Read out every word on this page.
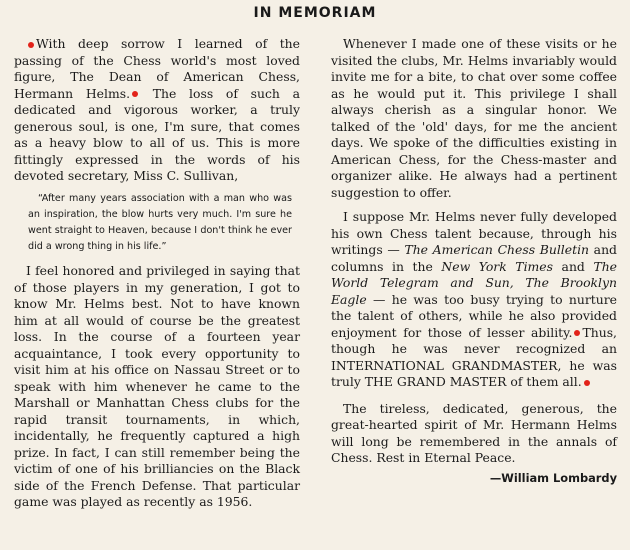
IN MEMORIAM

With deep sorrow I learned of the passing of the Chess world's most loved figure, The Dean of American Chess, Hermann Helms. The loss of such a dedicated and vigorous worker, a truly generous soul, is one, I'm sure, that comes as a heavy blow to all of us. This is more fittingly expressed in the words of his devoted secretary, Miss C. Sullivan,

“After many years association with a man who was an inspiration, the blow hurts very much. I'm sure he went straight to Heaven, because I don't think he ever did a wrong thing in his life.”

I feel honored and privileged in saying that of those players in my generation, I got to know Mr. Helms best. Not to have known him at all would of course be the greatest loss. In the course of a fourteen year acquaintance, I took every opportunity to visit him at his office on Nassau Street or to speak with him whenever he came to the Marshall or Manhattan Chess clubs for the rapid transit tournaments, in which, incidentally, he frequently captured a high prize. In fact, I can still remember being the victim of one of his brilliancies on the Black side of the French Defense. That particular game was played as recently as 1956.

Whenever I made one of these visits or he visited the clubs, Mr. Helms invariably would invite me for a bite, to chat over some coffee as he would put it. This privilege I shall always cherish as a singular honor. We talked of the 'old' days, for me the ancient days. We spoke of the difficulties existing in American Chess, for the Chess-master and organizer alike. He always had a pertinent suggestion to offer.

I suppose Mr. Helms never fully developed his own Chess talent because, through his writings — The American Chess Bulletin and columns in the New York Times and The World Telegram and Sun, The Brooklyn Eagle — he was too busy trying to nurture the talent of others, while he also provided enjoyment for those of lesser ability. Thus, though he was never recognized an INTERNATIONAL GRANDMASTER, he was truly THE GRAND MASTER of them all.

The tireless, dedicated, generous, the great-hearted spirit of Mr. Hermann Helms will long be remembered in the annals of Chess. Rest in Eternal Peace.

—William Lombardy
